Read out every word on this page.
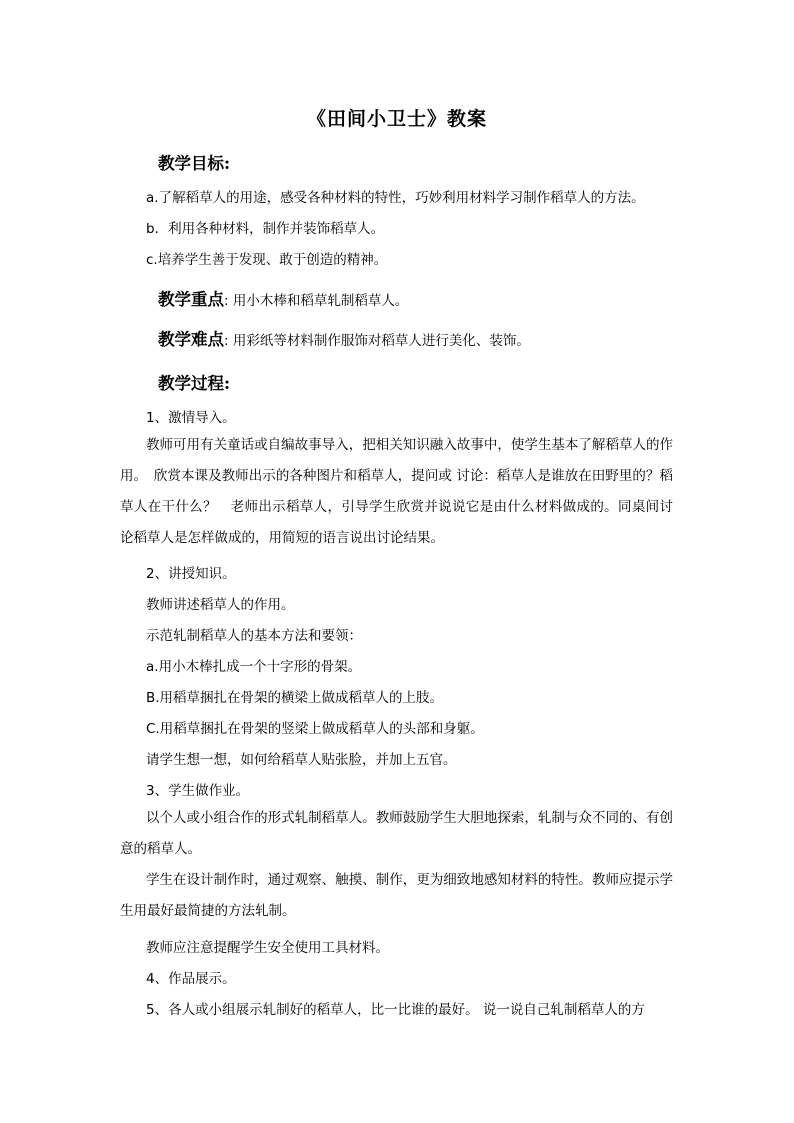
《田间小卫士》教案
教学目标:
a.了解稻草人的用途，感受各种材料的特性，巧妙利用材料学习制作稻草人的方法。
b．利用各种材料，制作并装饰稻草人。
c.培养学生善于发现、敢于创造的精神。
教学重点: 用小木棒和稻草轧制稻草人。
教学难点: 用彩纸等材料制作服饰对稻草人进行美化、装饰。
教学过程:
1、激情导入。
教师可用有关童话或自编故事导入，把相关知识融入故事中，使学生基本了解稻草人的作用。　欣赏本课及教师出示的各种图片和稻草人，提问或 讨论：稻草人是谁放在田野里的？稻草人在干什么？　老师出示稻草人，引导学生欣赏并说说它是由什么材料做成的。同桌间讨论稻草人是怎样做成的，用简短的语言说出讨论结果。
2、讲授知识。
教师讲述稻草人的作用。
示范轧制稻草人的基本方法和要领：
a.用小木棒扎成一个十字形的骨架。
B.用稻草捆扎在骨架的横梁上做成稻草人的上肢。
C.用稻草捆扎在骨架的竖梁上做成稻草人的头部和身躯。
请学生想一想，如何给稻草人贴张脸，并加上五官。
3、学生做作业。
以个人或小组合作的形式轧制稻草人。教师鼓励学生大胆地探索，轧制与众不同的、有创意的稻草人。
学生在设计制作时，通过观察、触摸、制作，更为细致地感知材料的特性。教师应提示学生用最好最简捷的方法轧制。
教师应注意提醒学生安全使用工具材料。
4、作品展示。
5、各人或小组展示轧制好的稻草人，比一比谁的最好。 说一说自己轧制稻草人的方
